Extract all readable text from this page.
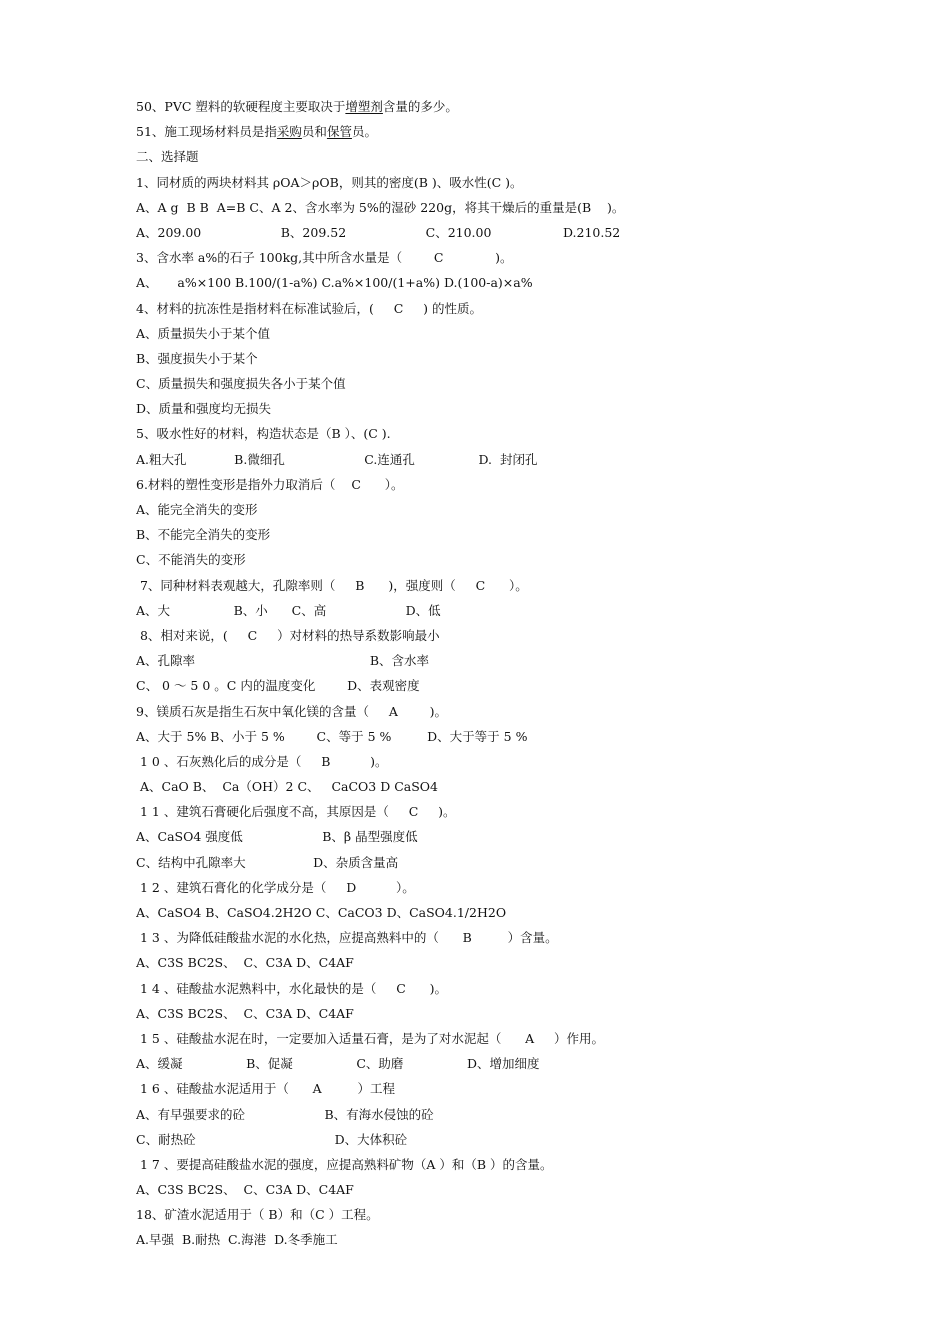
50、PVC 塑料的软硬程度主要取决于增塑剂含量的多少。
51、施工现场材料员是指采购员和保管员。
二、选择题
1、同材质的两块材料其 ρOA＞ρOB，则其的密度(B )、吸水性(C )。
A、A g  B B  A=B C、A 2、含水率为 5%的湿砂 220g，将其干燥后的重量是(B    )。
A、209.00                    B、209.52                    C、210.00                  D.210.52
3、含水率 a%的石子 100kg,其中所含水量是（        C             )。
A、     a%×100 B.100/(1-a%) C.a%×100/(1+a%) D.(100-a)×a%
4、材料的抗冻性是指材料在标准试验后，(     C     ) 的性质。
A、质量损失小于某个值
B、强度损失小于某个
C、质量损失和强度损失各小于某个值
D、质量和强度均无损失
5、吸水性好的材料，构造状态是（B ）、(C ).
A.粗大孔            B.微细孔                    C.连通孔                D.  封闭孔
6.材料的塑性变形是指外力取消后（    C      ）。
A、能完全消失的变形
B、不能完全消失的变形
C、不能消失的变形
7、同种材料表观越大，孔隙率则（     B      )，强度则（     C      ）。
A、大                B、小      C、高                    D、低
8、相对来说，(     C     ）对材料的热导系数影响最小
A、孔隙率                                            B、含水率
C、 0 ～ 5 0 。C 内的温度变化        D、表观密度
9、镁质石灰是指生石灰中氧化镁的含量（     A        )。
A、大于 5% B、小于 5 %        C、等于 5 %         D、大于等于 5 %
1 0 、石灰熟化后的成分是（     B          )。
A、CaO B、  Ca（OH）2 C、   CaCO3 D CaSO4
1 1 、建筑石膏硬化后强度不高，其原因是（     C     )。
A、CaSO4 强度低                    B、β 晶型强度低
C、结构中孔隙率大                 D、杂质含量高
1 2 、建筑石膏化的化学成分是（     D          ）。
A、CaSO4 B、CaSO4.2H2O C、CaCO3 D、CaSO4.1/2H2O
1 3 、为降低硅酸盐水泥的水化热，应提高熟料中的（      B         ）含量。
A、C3S BC2S、  C、C3A D、C4AF
1 4 、硅酸盐水泥熟料中，水化最快的是（     C      )。
A、C3S BC2S、  C、C3A D、C4AF
1 5 、硅酸盐水泥在时，一定要加入适量石膏，是为了对水泥起（      A     ）作用。
A、缓凝                B、促凝                C、助磨                D、增加细度
1 6 、硅酸盐水泥适用于（      A         ）工程
A、有早强要求的砼                    B、有海水侵蚀的砼
C、耐热砼                                   D、大体积砼
1 7 、要提高硅酸盐水泥的强度，应提高熟料矿物（A ）和（B ）的含量。
A、C3S BC2S、  C、C3A D、C4AF
18、矿渣水泥适用于（ B）和（C ）工程。
A.早强  B.耐热  C.海港  D.冬季施工
